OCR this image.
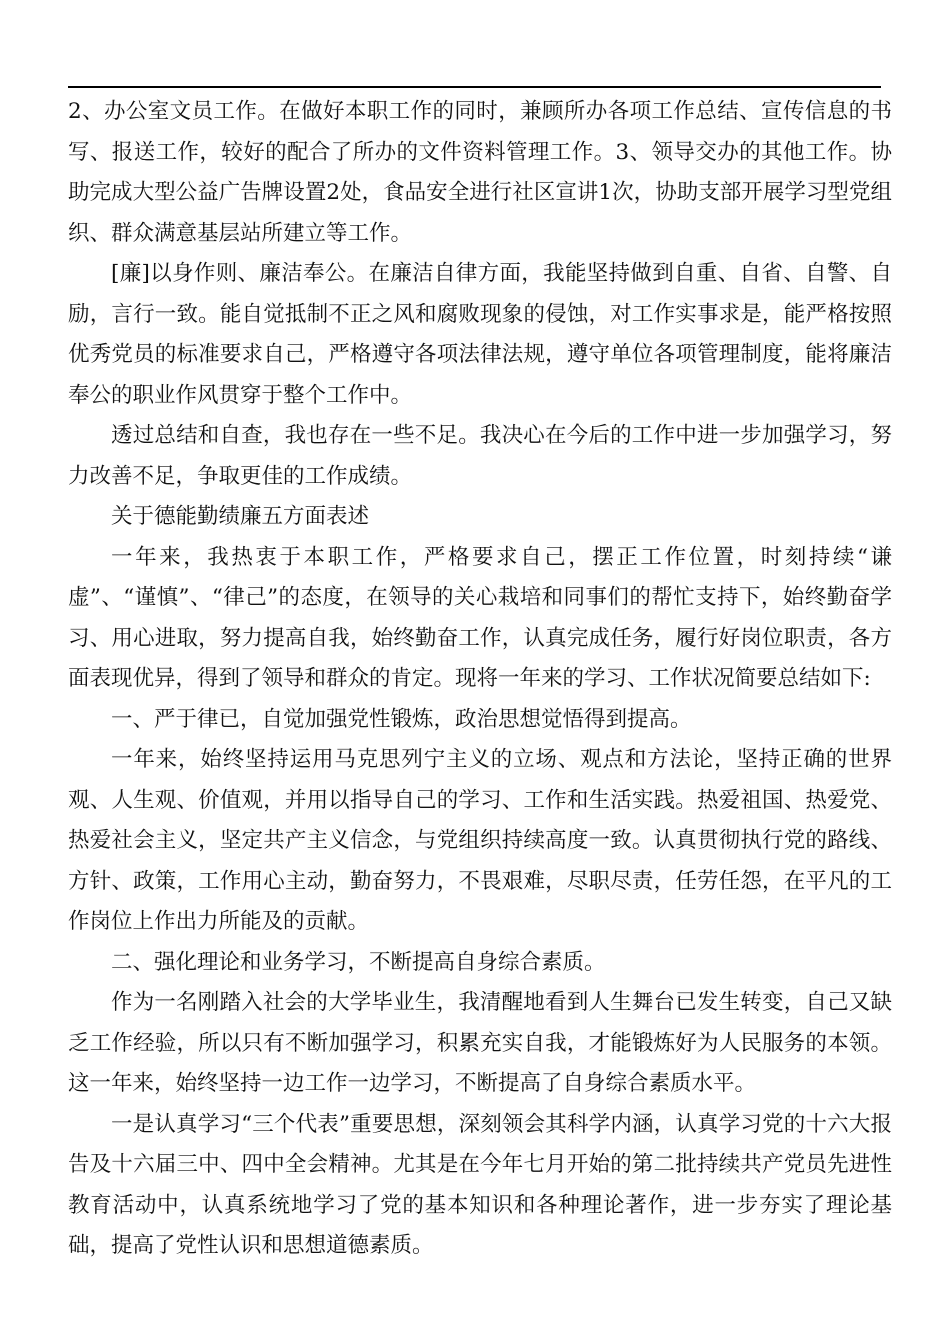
2、办公室文员工作。在做好本职工作的同时，兼顾所办各项工作总结、宣传信息的书写、报送工作，较好的配合了所办的文件资料管理工作。3、领导交办的其他工作。协助完成大型公益广告牌设置2处，食品安全进行社区宣讲1次，协助支部开展学习型党组织、群众满意基层站所建立等工作。

[廉]以身作则、廉洁奉公。在廉洁自律方面，我能坚持做到自重、自省、自警、自励，言行一致。能自觉抵制不正之风和腐败现象的侵蚀，对工作实事求是，能严格按照优秀党员的标准要求自己，严格遵守各项法律法规，遵守单位各项管理制度，能将廉洁奉公的职业作风贯穿于整个工作中。

透过总结和自查，我也存在一些不足。我决心在今后的工作中进一步加强学习，努力改善不足，争取更佳的工作成绩。

关于德能勤绩廉五方面表述

一年来，我热衷于本职工作，严格要求自己，摆正工作位置，时刻持续“谦虚”、“谨慎”、“律己”的态度，在领导的关心栽培和同事们的帮忙支持下，始终勤奋学习、用心进取，努力提高自我，始终勤奋工作，认真完成任务，履行好岗位职责，各方面表现优异，得到了领导和群众的肯定。现将一年来的学习、工作状况简要总结如下:

一、严于律已，自觉加强党性锻炼，政治思想觉悟得到提高。

一年来，始终坚持运用马克思列宁主义的立场、观点和方法论，坚持正确的世界观、人生观、价值观，并用以指导自己的学习、工作和生活实践。热爱祖国、热爱党、热爱社会主义，坚定共产主义信念，与党组织持续高度一致。认真贯彻执行党的路线、方针、政策，工作用心主动，勤奋努力，不畏艰难，尽职尽责，任劳任怨，在平凡的工作岗位上作出力所能及的贡献。

二、强化理论和业务学习，不断提高自身综合素质。

作为一名刚踏入社会的大学毕业生，我清醒地看到人生舞台已发生转变，自己又缺乏工作经验，所以只有不断加强学习，积累充实自我，才能锻炼好为人民服务的本领。这一年来，始终坚持一边工作一边学习，不断提高了自身综合素质水平。

一是认真学习“三个代表”重要思想，深刻领会其科学内涵，认真学习党的十六大报告及十六届三中、四中全会精神。尤其是在今年七月开始的第二批持续共产党员先进性教育活动中，认真系统地学习了党的基本知识和各种理论著作，进一步夯实了理论基础，提高了党性认识和思想道德素质。
